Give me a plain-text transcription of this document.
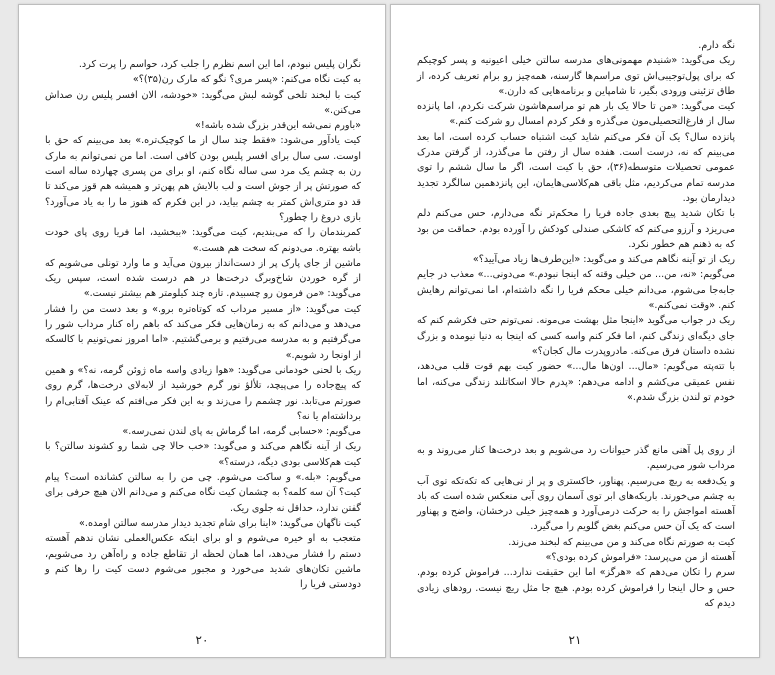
نگران پلیس نبودم، اما این اسم نظرم را جلب کرد، حواسم را پرت کرد.

به کیت نگاه می‌کنم: «پسر مری؟ نگو که مارک رن(۳۵)؟»

کیت با لبخند تلخی گوشه لبش می‌گوید: «خودشه، الان افسر پلیس رن صداش می‌کنن.»

«باورم نمی‌شه این‌قدر بزرگ شده باشه!»

کیت یادآور می‌شود: «فقط چند سال از ما کوچیک‌تره.» بعد می‌بینم که حق با اوست. سی سال برای افسر پلیس بودن کافی است. اما من نمی‌توانم به مارک رن به چشم یک مرد سی ساله نگاه کنم، او برای من پسری چهارده ساله است که صورتش پر از جوش است و لب بالایش هم پهن‌تر و همیشه هم قوز می‌کند تا قد دو متری‌اش کمتر به چشم بیاید، در این فکرم که هنوز ما را به یاد می‌آورد؟ بازی دروغ را چطور؟

کمربندمان را که می‌بندیم، کیت می‌گوید: «ببخشید، اما فریا روی پای خودت باشه بهتره. می‌دونم که سخت هم هست.»

ماشین از جای پارک پر از دست‌انداز بیرون می‌آید و ما وارد تونلی می‌شویم که از گره خوردن شاخ‌وبرگ درخت‌ها در هم درست شده است، سپس ریک می‌گوید: «من فرمون رو چسبیدم. تازه چند کیلومتر هم بیشتر نیست.»

کیت می‌گوید: «از مسیر مرداب که کوتاه‌تره برو.» و بعد دست من را فشار می‌دهد و می‌دانم که به زمان‌هایی فکر می‌کند که باهم راه کنار مرداب شور را می‌گرفتیم و به مدرسه می‌رفتیم و برمی‌گشتیم. «اما امروز نمی‌تونیم با کالسکه از اونجا رد شویم.»

ریک با لحنی خودمانی می‌گوید: «هوا زیادی واسه ماه ژوئن گرمه، نه؟» و همین که پیچ‌جاده را می‌پیچد، تلألؤ نور گرم خورشید از لابه‌لای درخت‌ها، گرم روی صورتم می‌تابد. نور چشمم را می‌زند و به این فکر می‌افتم که عینک آفتابی‌ام را برداشته‌ام یا نه؟

می‌گویم: «حسابی گرمه، اما گرماش به پای لندن نمی‌رسه.»

ریک از آینه نگاهم می‌کند و می‌گوید: «خب حالا چی شما رو کشوند سالتن؟ با کیت هم‌کلاسی بودی دیگه، درسته؟»

می‌گویم: «بله.» و ساکت می‌شوم. چی من را به سالتن کشانده است؟ پیام کیت؟ آن سه کلمه؟ به چشمان کیت نگاه می‌کنم و می‌دانم الان هیچ حرفی برای گفتن ندارد، حداقل نه جلوی ریک.

کیت ناگهان می‌گوید: «اینا برای شام تجدید دیدار مدرسه سالتن اومده.»

متعجب به او خیره می‌شوم و او برای اینکه عکس‌العملی نشان ندهم آهسته دستم را فشار می‌دهد، اما همان لحظه از تقاطع جاده و راه‌آهن رد می‌شویم، ماشین تکان‌های شدید می‌خورد و مجبور می‌شوم دست کیت را رها کنم و دودستی فریا را

۲۰

نگه دارم.

ریک می‌گوید: «شنیدم مهمونی‌های مدرسه سالتن خیلی اعیونیه و پسر کوچیکم که برای پول‌توجیبی‌اش توی مراسم‌ها گارسنه، همه‌چیز رو برام تعریف کرده، از طاق تزئینی ورودی بگیر، تا شامپاین و برنامه‌هایی که دارن.»

کیت می‌گوید: «من تا حالا یک بار هم تو مراسم‌هاشون شرکت نکردم، اما پانزده سال از فارغ‌التحصیلی‌مون می‌گذره و فکر کردم امسال رو شرکت کنم.»

پانزده سال؟ یک آن فکر می‌کنم شاید کیت اشتباه حساب کرده است، اما بعد می‌بینم که نه، درست است. هفده سال از رفتن ما می‌گذرد، از گرفتن مدرک عمومی تحصیلات متوسطه(۳۶)، حق با کیت است، اگر ما سال ششم را توی مدرسه تمام می‌کردیم، مثل باقی هم‌کلاسی‌هایمان، این پانزدهمین سالگرد تجدید دیدارمان بود.

با تکان شدید پیچ بعدی جاده فریا را محکم‌تر نگه می‌دارم، حس می‌کنم دلم می‌ریزد و آرزو می‌کنم که کاشکی صندلی کودکش را آورده بودم. حماقت من بود که به ذهنم هم خطور نکرد.

ریک از تو آینه نگاهم می‌کند و می‌گوید: «این‌طرف‌ها زیاد می‌آیید؟»

می‌گویم: «نه، من... من خیلی وقته که اینجا نبودم.» می‌دونی...» معذب در جایم جابه‌جا می‌شوم، می‌دانم خیلی محکم فریا را نگه داشته‌ام، اما نمی‌توانم رهایش کنم. «وقت نمی‌کنم.»

ریک در جواب می‌گوید «اینجا مثل بهشت می‌مونه. نمی‌تونم حتی فکرشم کنم که جای دیگه‌ای زندگی کنم، اما فکر کنم واسه کسی که اینجا به دنیا نیومده و بزرگ نشده داستان فرق می‌کنه. مادروپدرت مال کجان؟»

با تته‌پته می‌گویم: «مال... اون‌ها مال...» حضور کیت بهم قوت قلب می‌دهد، نفس عمیقی می‌کشم و ادامه می‌دهم: «پدرم حالا اسکاتلند زندگی می‌کنه، اما خودم تو لندن بزرگ شدم.»

از روی پل آهنی مانع گذر حیوانات رد می‌شویم و بعد درخت‌ها کنار می‌روند و به مرداب شور می‌رسیم.

و یک‌دفعه به ریچ می‌رسیم. پهناور، خاکستری و پر از نی‌هایی که تکه‌تکه توی آب به چشم می‌خورند. باریکه‌های ابر توی آسمان روی آبی منعکس شده است که باد آهسته امواجش را به حرکت درمی‌آورد و همه‌چیز خیلی درخشان، واضح و پهناور است که یک آن حس می‌کنم بغض گلویم را می‌گیرد.

کیت به صورتم نگاه می‌کند و من می‌بینم که لبخند می‌زند.

آهسته از من می‌پرسد: «فراموش کرده بودی؟»

سرم را تکان می‌دهم که «هرگز» اما این حقیقت ندارد... فراموش کرده بودم. حس و حال اینجا را فراموش کرده بودم. هیچ جا مثل ریچ نیست. رودهای زیادی دیدم که

۲۱
